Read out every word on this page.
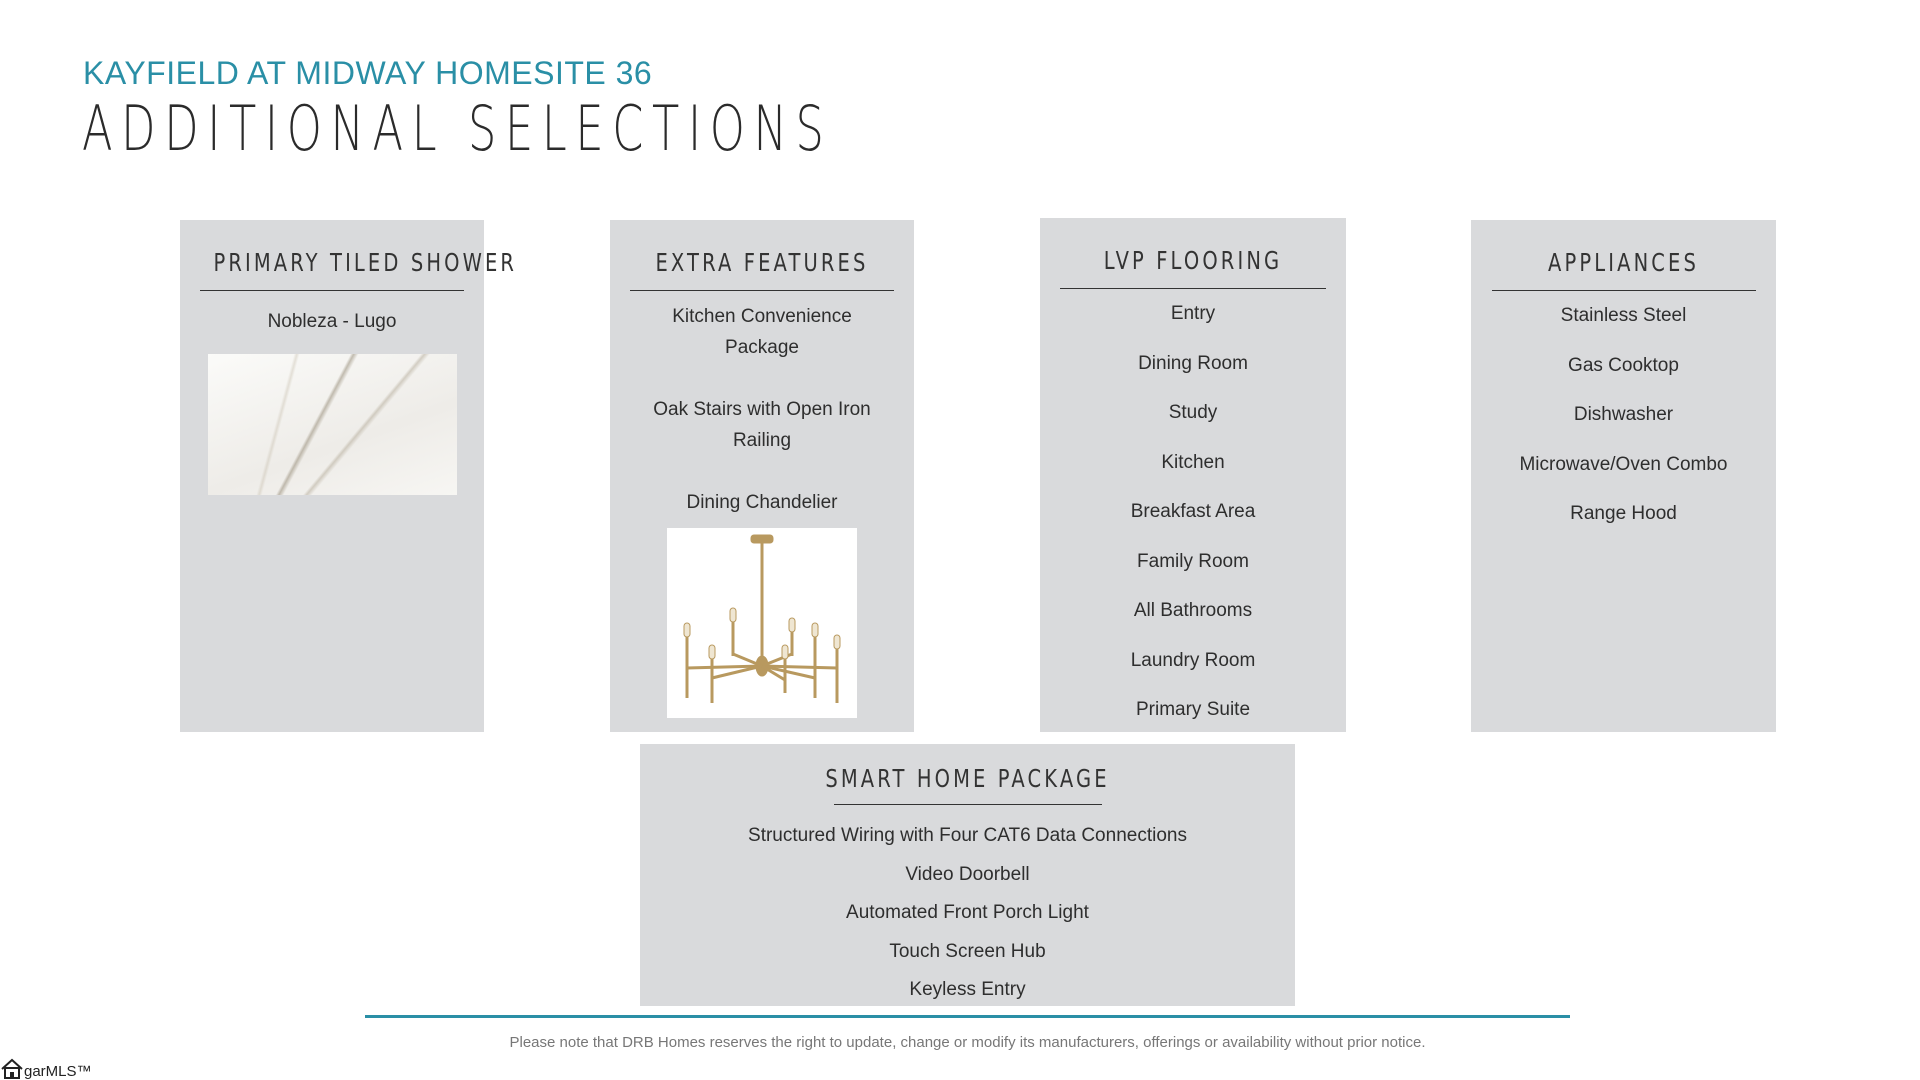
KAYFIELD AT MIDWAY HOMESITE 36
ADDITIONAL SELECTIONS
PRIMARY TILED SHOWER
Nobleza - Lugo
EXTRA FEATURES
Kitchen Convenience
Package
Oak Stairs with Open Iron
Railing
Dining Chandelier
LVP FLOORING
Entry
Dining Room
Study
Kitchen
Breakfast Area
Family Room
All Bathrooms
Laundry Room
Primary Suite
APPLIANCES
Stainless Steel
Gas Cooktop
Dishwasher
Microwave/Oven Combo
Range Hood
SMART HOME PACKAGE
Structured Wiring with Four CAT6 Data Connections
Video Doorbell
Automated Front Porch Light
Touch Screen Hub
Keyless Entry
Please note that DRB Homes reserves the right to update, change or modify its manufacturers, offerings or availability without prior notice.
garMLS™
